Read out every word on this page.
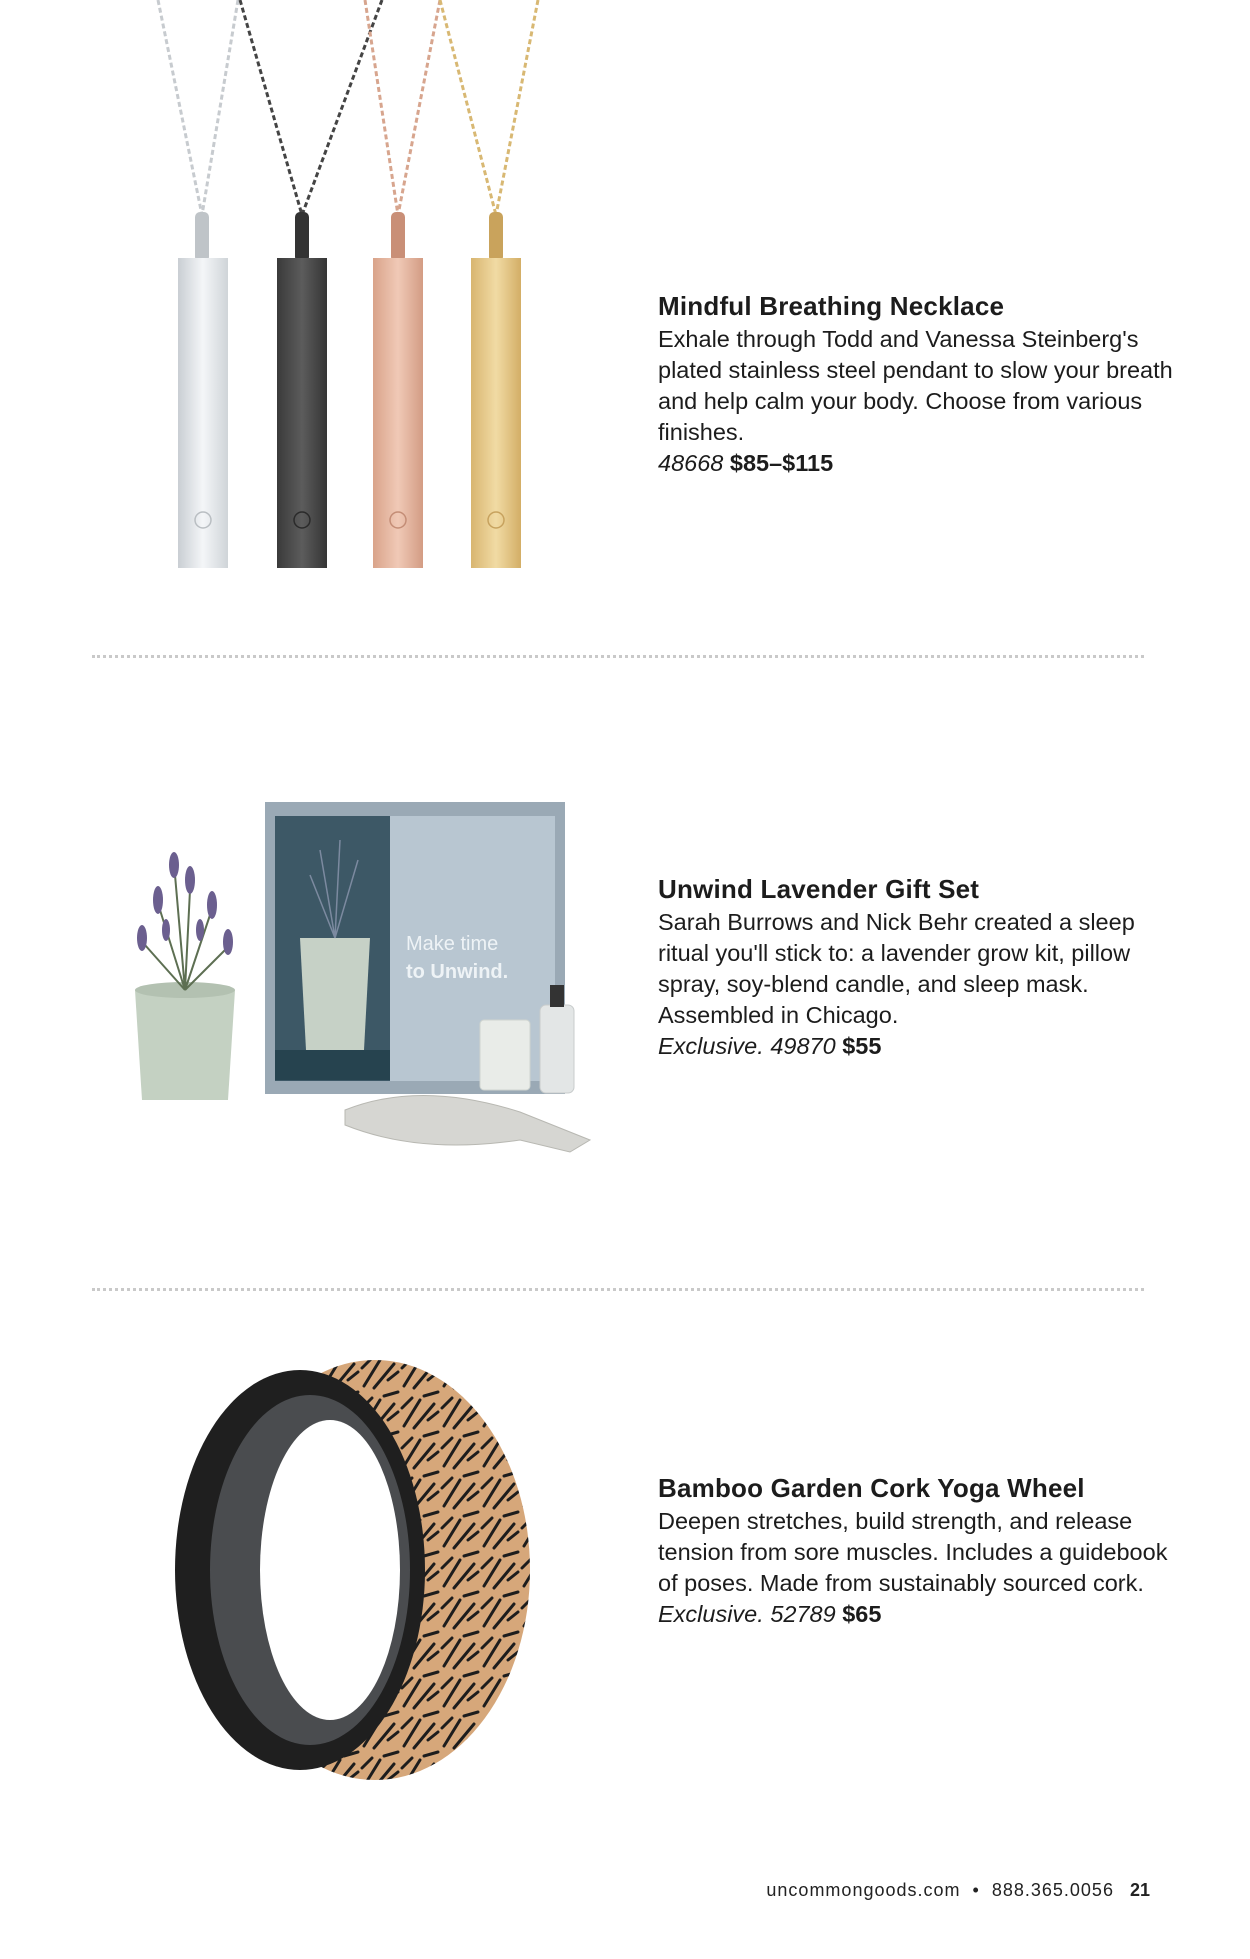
Mindful Breathing Necklace

Exhale through Todd and Vanessa Steinberg's plated stainless steel pendant to slow your breath and help calm your body. Choose from various finishes.

48668 $85–$115

Make time
to Unwind.
Unwind Lavender Gift Set

Sarah Burrows and Nick Behr created a sleep ritual you'll stick to: a lavender grow kit, pillow spray, soy-blend candle, and sleep mask. Assembled in Chicago.

Exclusive. 49870 $55

Bamboo Garden Cork Yoga Wheel

Deepen stretches, build strength, and release tension from sore muscles. Includes a guidebook of poses. Made from sustainably sourced cork. Exclusive. 52789 $65

uncommongoods.com • 888.365.0056 21
